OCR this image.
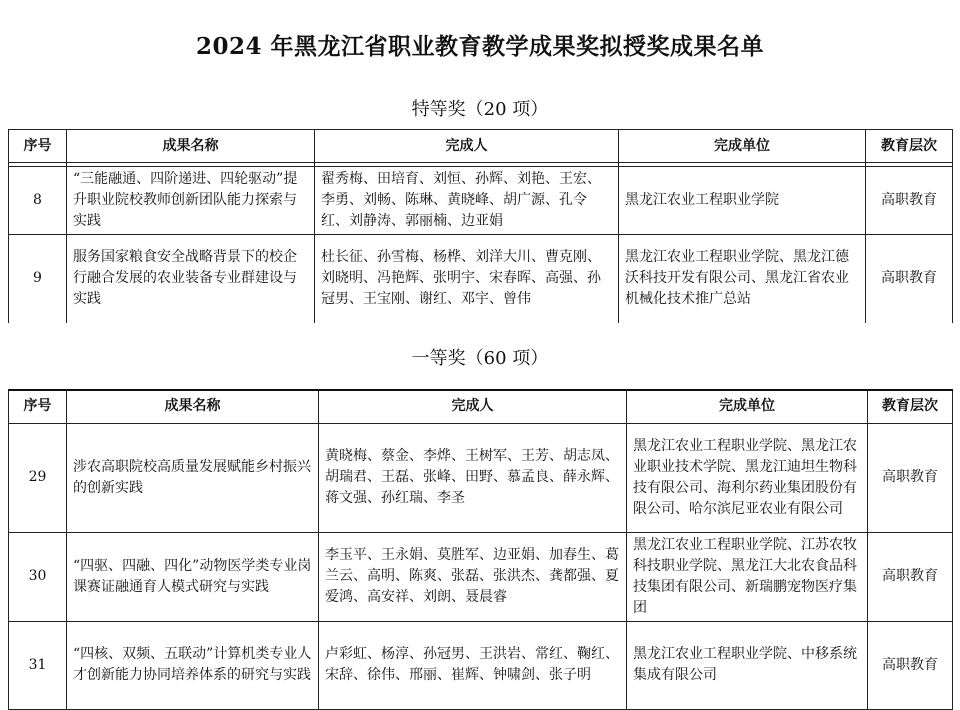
2024 年黑龙江省职业教育教学成果奖拟授奖成果名单
特等奖（20 项）
序号	成果名称	完成人	完成单位	教育层次

8	“三能融通、四阶递进、四轮驱动”提升职业院校教师创新团队能力探索与实践	翟秀梅、田培育、刘恒、孙辉、刘艳、王宏、李勇、刘畅、陈琳、黄晓峰、胡广源、孔令红、刘静涛、郭丽楠、边亚娟	黑龙江农业工程职业学院	高职教育
9	服务国家粮食安全战略背景下的校企行融合发展的农业装备专业群建设与实践	杜长征、孙雪梅、杨桦、刘洋大川、曹克刚、刘晓明、冯艳辉、张明宇、宋春晖、高强、孙冠男、王宝刚、谢红、邓宇、曾伟	黑龙江农业工程职业学院、黑龙江德沃科技开发有限公司、黑龙江省农业机械化技术推广总站	高职教育
一等奖（60 项）
序号	成果名称	完成人	完成单位	教育层次
29	涉农高职院校高质量发展赋能乡村振兴的创新实践	黄晓梅、蔡金、李烨、王树军、王芳、胡志凤、胡瑞君、王磊、张峰、田野、慕孟良、薛永辉、蒋文强、孙红瑞、李圣	黑龙江农业工程职业学院、黑龙江农业职业技术学院、黑龙江迪坦生物科技有限公司、海利尔药业集团股份有限公司、哈尔滨尼亚农业有限公司	高职教育
30	“四驱、四融、四化”动物医学类专业岗课赛证融通育人模式研究与实践	李玉平、王永娟、莫胜军、边亚娟、加春生、葛兰云、高明、陈爽、张磊、张洪杰、龚都强、夏爱鸿、高安祥、刘朗、聂晨睿	黑龙江农业工程职业学院、江苏农牧科技职业学院、黑龙江大北农食品科技集团有限公司、新瑞鹏宠物医疗集团	高职教育
31	“四核、双频、五联动”计算机类专业人才创新能力协同培养体系的研究与实践	卢彩虹、杨淳、孙冠男、王洪岩、常红、鞠红、宋辞、徐伟、邢丽、崔辉、钟啸剑、张子明	黑龙江农业工程职业学院、中移系统集成有限公司	高职教育
